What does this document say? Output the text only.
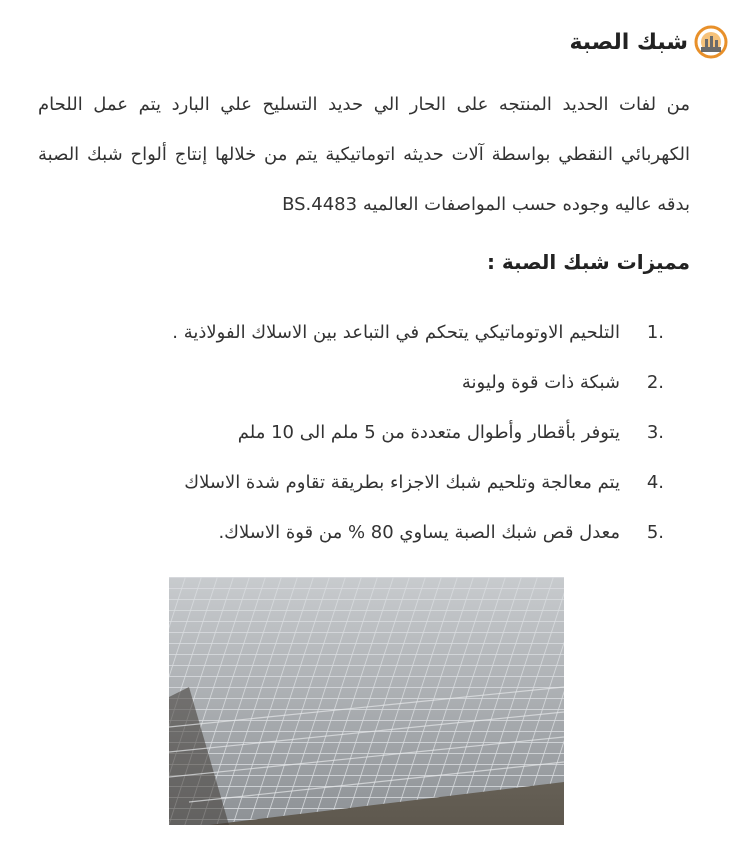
شبك الصبة

من لفات الحديد المنتجه على الحار الي حديد التسليح علي البارد يتم عمل اللحام الكهربائي النقطي بواسطة آلات حديثه اتوماتيكية يتم من خلالها إنتاج ألواح شبك الصبة بدقه عاليه وجوده حسب المواصفات العالميه BS.4483

مميزات شبك الصبة :
1.
التلحيم الاوتوماتيكي يتحكم في التباعد بين الاسلاك الفولاذية .
2.
شبكة ذات قوة وليونة
3.
يتوفر بأقطار وأطوال متعددة من 5 ملم الى 10 ملم
4.
يتم معالجة وتلحيم شبك الاجزاء بطريقة تقاوم شدة الاسلاك
5.
معدل قص شبك الصبة يساوي 80 % من قوة الاسلاك.
